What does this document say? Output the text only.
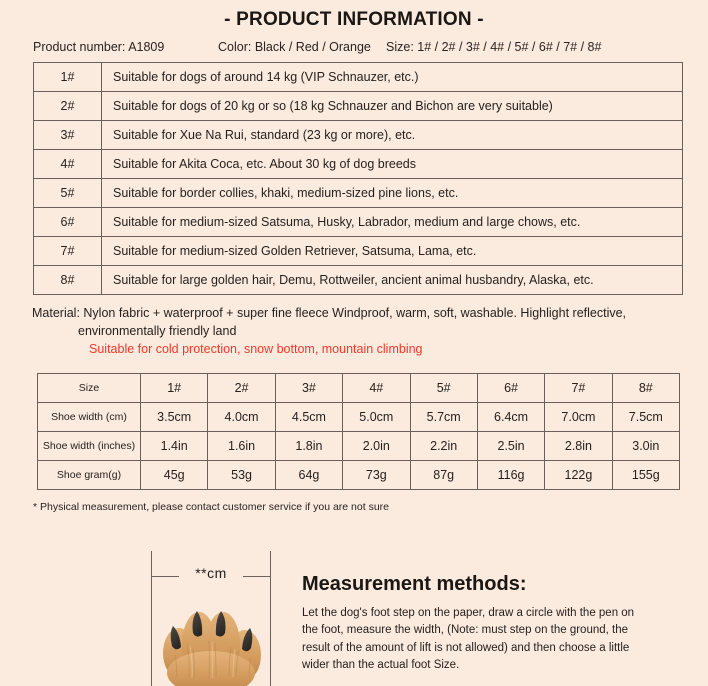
- PRODUCT INFORMATION -
Product number: A1809	Color: Black / Red / Orange	Size: 1# / 2# / 3# / 4# / 5# / 6# / 7# / 8#
1#	Suitable for dogs of around 14 kg (VIP Schnauzer, etc.)
2#	Suitable for dogs of 20 kg or so (18 kg Schnauzer and Bichon are very suitable)
3#	Suitable for Xue Na Rui, standard (23 kg or more), etc.
4#	Suitable for Akita Coca, etc. About 30 kg of dog breeds
5#	Suitable for border collies, khaki, medium-sized pine lions, etc.
6#	Suitable for medium-sized Satsuma, Husky, Labrador, medium and large chows, etc.
7#	Suitable for medium-sized Golden Retriever, Satsuma, Lama, etc.
8#	Suitable for large golden hair, Demu, Rottweiler, ancient animal husbandry, Alaska, etc.
Material: Nylon fabric + waterproof + super fine fleece Windproof, warm, soft, washable. Highlight reflective,
environmentally friendly land
Suitable for cold protection, snow bottom, mountain climbing
Size	1#	2#	3#	4#	5#	6#	7#	8#
Shoe width (cm)	3.5cm	4.0cm	4.5cm	5.0cm	5.7cm	6.4cm	7.0cm	7.5cm
Shoe width (inches)	1.4in	1.6in	1.8in	2.0in	2.2in	2.5in	2.8in	3.0in
Shoe gram(g)	45g	53g	64g	73g	87g	116g	122g	155g
* Physical measurement, please contact customer service if you are not sure
**cm	Measurement methods:

Let the dog's foot step on the paper, draw a circle with the pen on the foot, measure the width, (Note: must step on the ground, the result of the amount of lift is not allowed) and then choose a little wider than the actual foot Size.
